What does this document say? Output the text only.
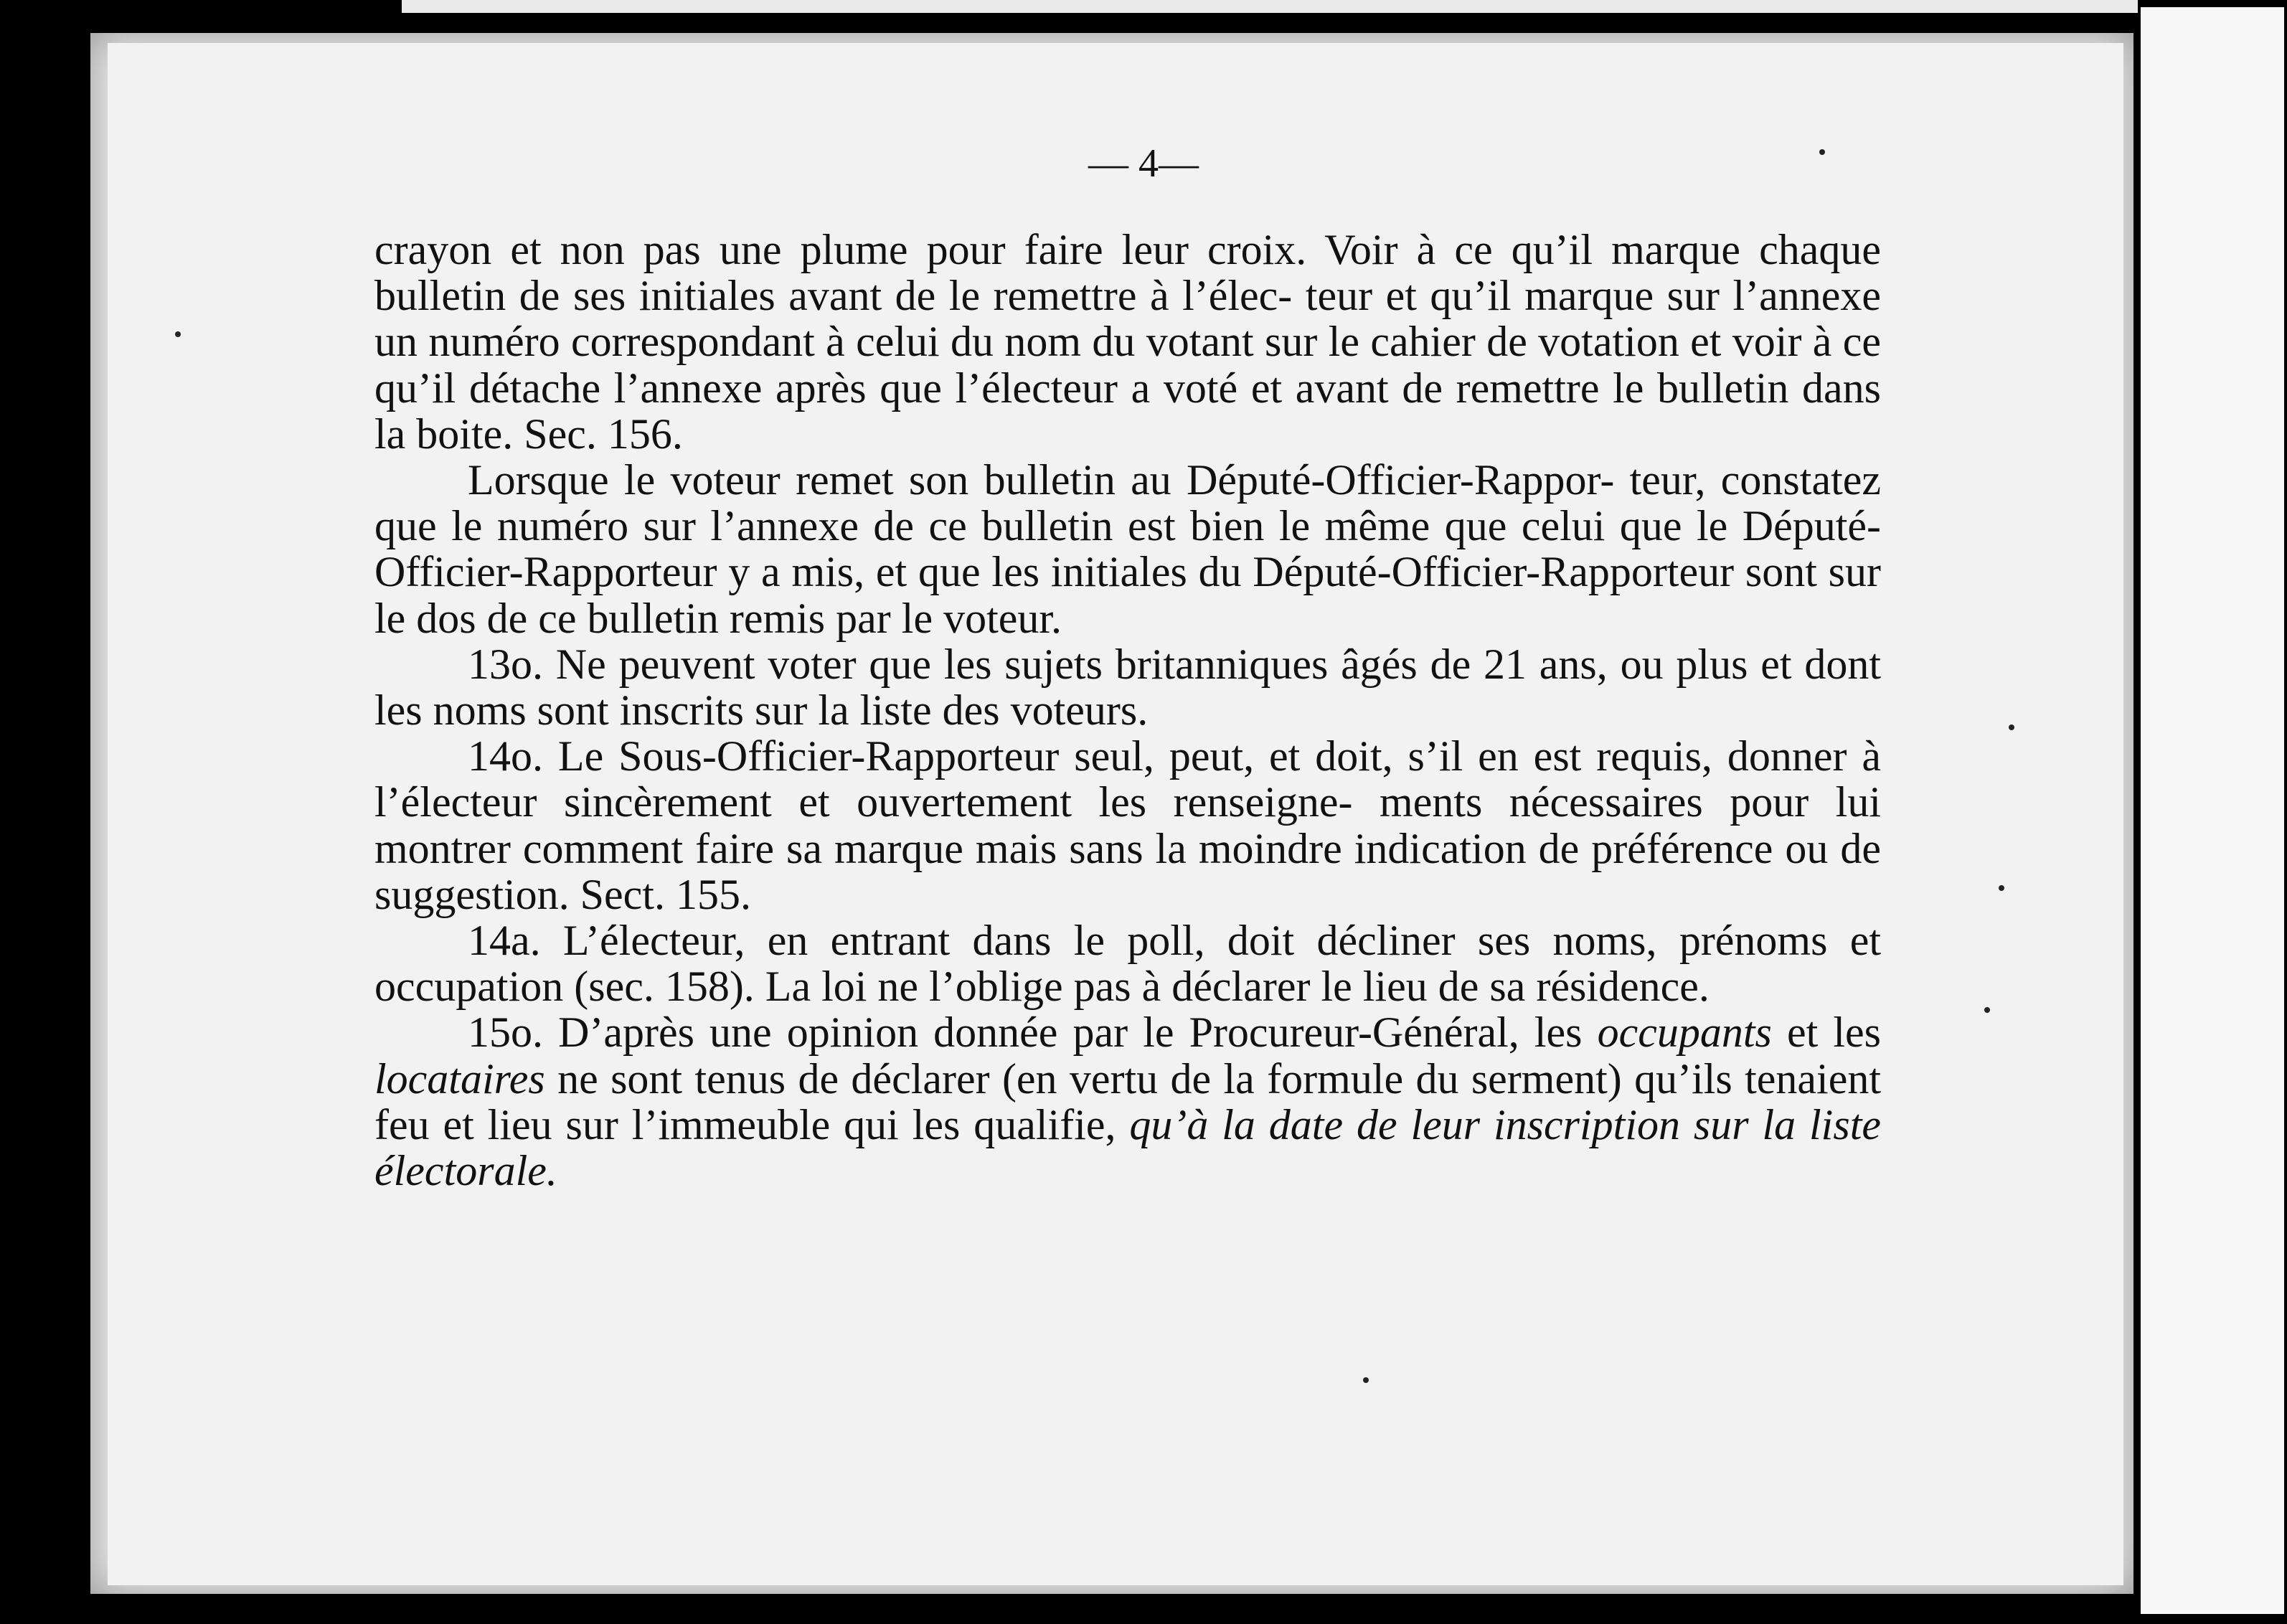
— 4—

crayon et non pas une plume pour faire leur croix. Voir à ce qu’il marque chaque bulletin de ses initiales avant de le remettre à l’élec- teur et qu’il marque sur l’annexe un numéro correspondant à celui du nom du votant sur le cahier de votation et voir à ce qu’il détache l’annexe après que l’électeur a voté et avant de remettre le bulletin dans la boite. Sec. 156.

Lorsque le voteur remet son bulletin au Député-Officier-Rappor- teur, constatez que le numéro sur l’annexe de ce bulletin est bien le même que celui que le Député-Officier-Rapporteur y a mis, et que les initiales du Député-Officier-Rapporteur sont sur le dos de ce bulletin remis par le voteur.

13o. Ne peuvent voter que les sujets britanniques âgés de 21 ans, ou plus et dont les noms sont inscrits sur la liste des voteurs.

14o. Le Sous-Officier-Rapporteur seul, peut, et doit, s’il en est requis, donner à l’électeur sincèrement et ouvertement les renseigne- ments nécessaires pour lui montrer comment faire sa marque mais sans la moindre indication de préférence ou de suggestion. Sect. 155.

14a. L’électeur, en entrant dans le poll, doit décliner ses noms, prénoms et occupation (sec. 158). La loi ne l’oblige pas à déclarer le lieu de sa résidence.

15o. D’après une opinion donnée par le Procureur-Général, les occupants et les locataires ne sont tenus de déclarer (en vertu de la formule du serment) qu’ils tenaient feu et lieu sur l’immeuble qui les qualifie, qu’à la date de leur inscription sur la liste électorale.
